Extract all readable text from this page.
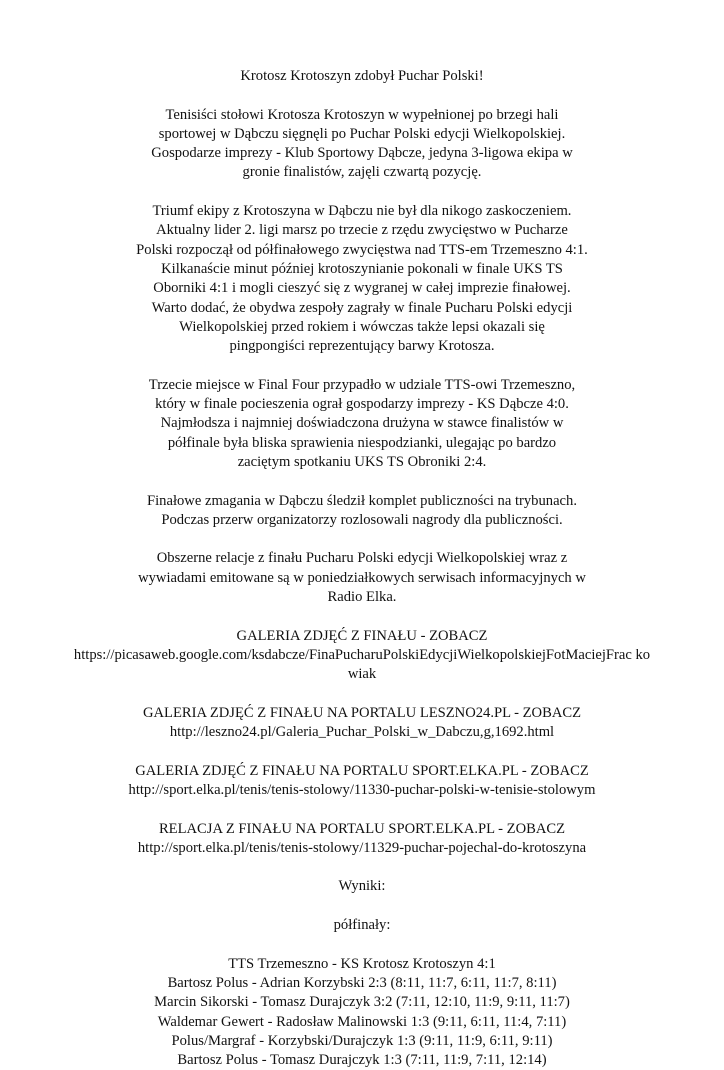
Krotosz Krotoszyn zdobył Puchar Polski!

Tenisiści stołowi Krotosza Krotoszyn w wypełnionej po brzegi hali
sportowej w Dąbczu sięgnęli po Puchar Polski edycji Wielkopolskiej.
Gospodarze imprezy - Klub Sportowy Dąbcze, jedyna 3-ligowa ekipa w
gronie finalistów, zajęli czwartą pozycję.

Triumf ekipy z Krotoszyna w Dąbczu nie był dla nikogo zaskoczeniem.
Aktualny lider 2. ligi marsz po trzecie z rzędu zwycięstwo w Pucharze
Polski rozpoczął od półfinałowego zwycięstwa nad TTS-em Trzemeszno 4:1.
Kilkanaście minut później krotoszynianie pokonali w finale UKS TS
Oborniki 4:1 i mogli cieszyć się z wygranej w całej imprezie finałowej.
Warto dodać, że obydwa zespoły zagrały w finale Pucharu Polski edycji
Wielkopolskiej przed rokiem i wówczas także lepsi okazali się
pingpongiści reprezentujący barwy Krotosza.

Trzecie miejsce w Final Four przypadło w udziale TTS-owi Trzemeszno,
który w finale pocieszenia ograł gospodarzy imprezy - KS Dąbcze 4:0.
Najmłodsza i najmniej doświadczona drużyna w stawce finalistów w
półfinale była bliska sprawienia niespodzianki, ulegając po bardzo
zaciętym spotkaniu UKS TS Obroniki 2:4.

Finałowe zmagania w Dąbczu śledził komplet publiczności na trybunach.
Podczas przerw organizatorzy rozlosowali nagrody dla publiczności.

Obszerne relacje z finału Pucharu Polski edycji Wielkopolskiej wraz z
wywiadami emitowane są w poniedziałkowych serwisach informacyjnych w
Radio Elka.

GALERIA ZDJĘĆ Z FINAŁU - ZOBACZ
https://picasaweb.google.com/ksdabcze/FinaPucharuPolskiEdycjiWielkopolskiejFotMaciejFrac ko
wiak

GALERIA ZDJĘĆ Z FINAŁU NA PORTALU LESZNO24.PL - ZOBACZ
http://leszno24.pl/Galeria_Puchar_Polski_w_Dabczu,g,1692.html

GALERIA ZDJĘĆ Z FINAŁU NA PORTALU SPORT.ELKA.PL - ZOBACZ
http://sport.elka.pl/tenis/tenis-stolowy/11330-puchar-polski-w-tenisie-stolowym

RELACJA Z FINAŁU NA PORTALU SPORT.ELKA.PL - ZOBACZ
http://sport.elka.pl/tenis/tenis-stolowy/11329-puchar-pojechal-do-krotoszyna

Wyniki:

półfinały:

TTS Trzemeszno - KS Krotosz Krotoszyn 4:1
Bartosz Polus - Adrian Korzybski 2:3 (8:11, 11:7, 6:11, 11:7, 8:11)
Marcin Sikorski - Tomasz Durajczyk 3:2 (7:11, 12:10, 11:9, 9:11, 11:7)
Waldemar Gewert - Radosław Malinowski 1:3 (9:11, 6:11, 11:4, 7:11)
Polus/Margraf - Korzybski/Durajczyk 1:3 (9:11, 11:9, 6:11, 9:11)
Bartosz Polus - Tomasz Durajczyk 1:3 (7:11, 11:9, 7:11, 12:14)
